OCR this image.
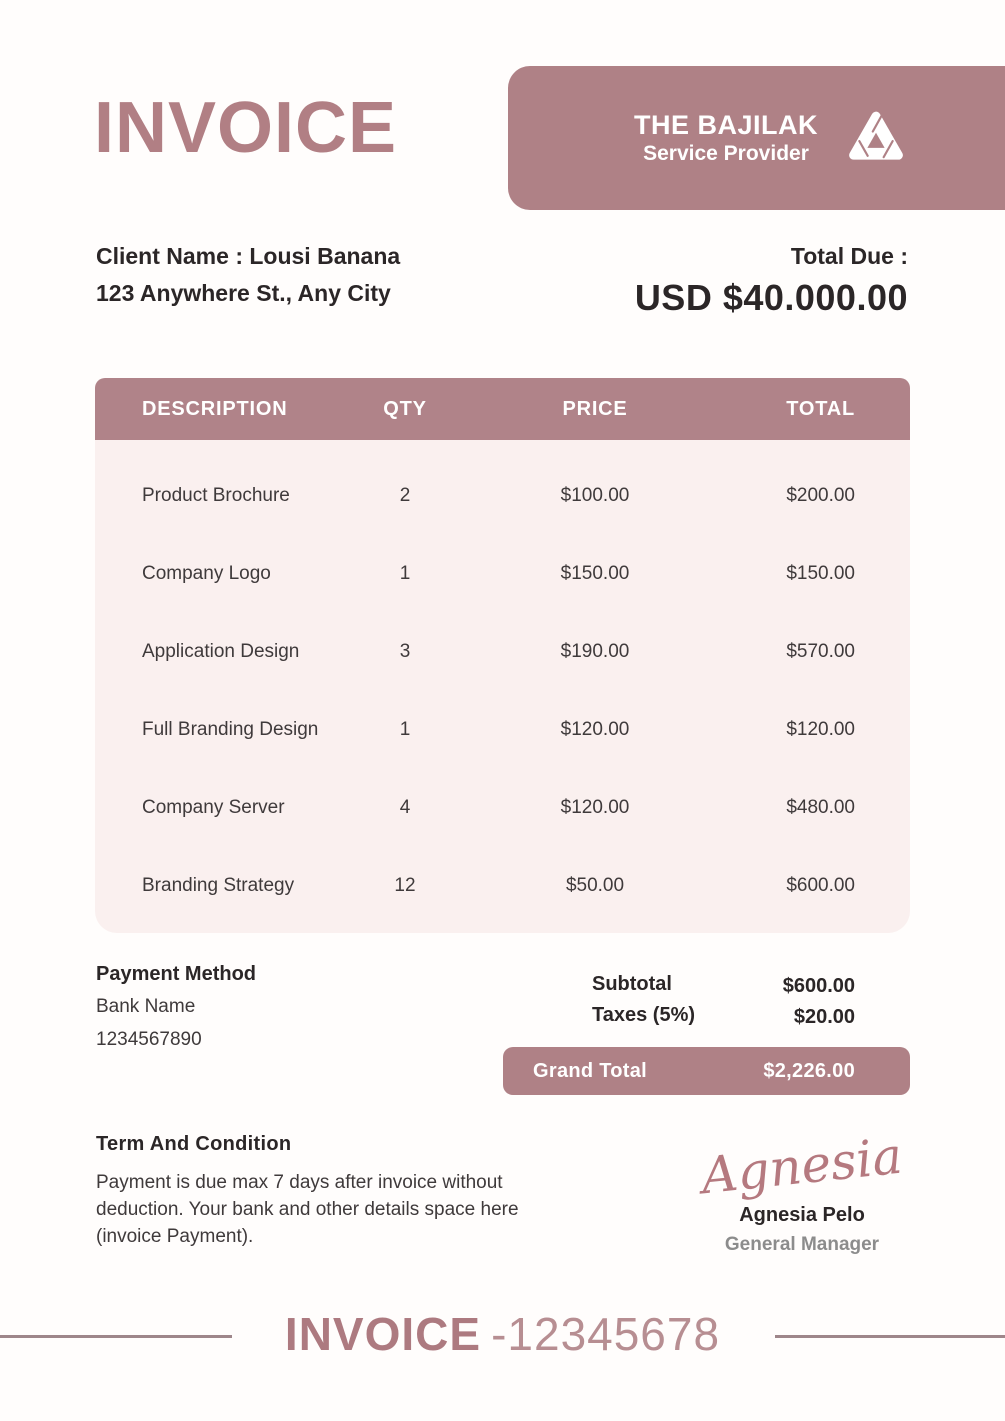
INVOICE	THE BAJILAK
Service Provider
Client Name : Lousi Banana
123 Anywhere St., Any City
Total Due :
USD $40.000.00
DESCRIPTION	QTY	PRICE	TOTAL
Product Brochure	2	$100.00	$200.00
Company Logo	1	$150.00	$150.00
Application Design	3	$190.00	$570.00
Full Branding Design	1	$120.00	$120.00
Company Server	4	$120.00	$480.00
Branding Strategy	12	$50.00	$600.00
Payment Method
Bank Name
1234567890
Subtotal	$600.00
Taxes (5%)	$20.00
Grand Total	$2,226.00
Term And Condition
Payment is due max 7 days after invoice without deduction. Your bank and other details space here (invoice Payment).
Agnesia
Agnesia Pelo
General Manager
INVOICE -12345678
